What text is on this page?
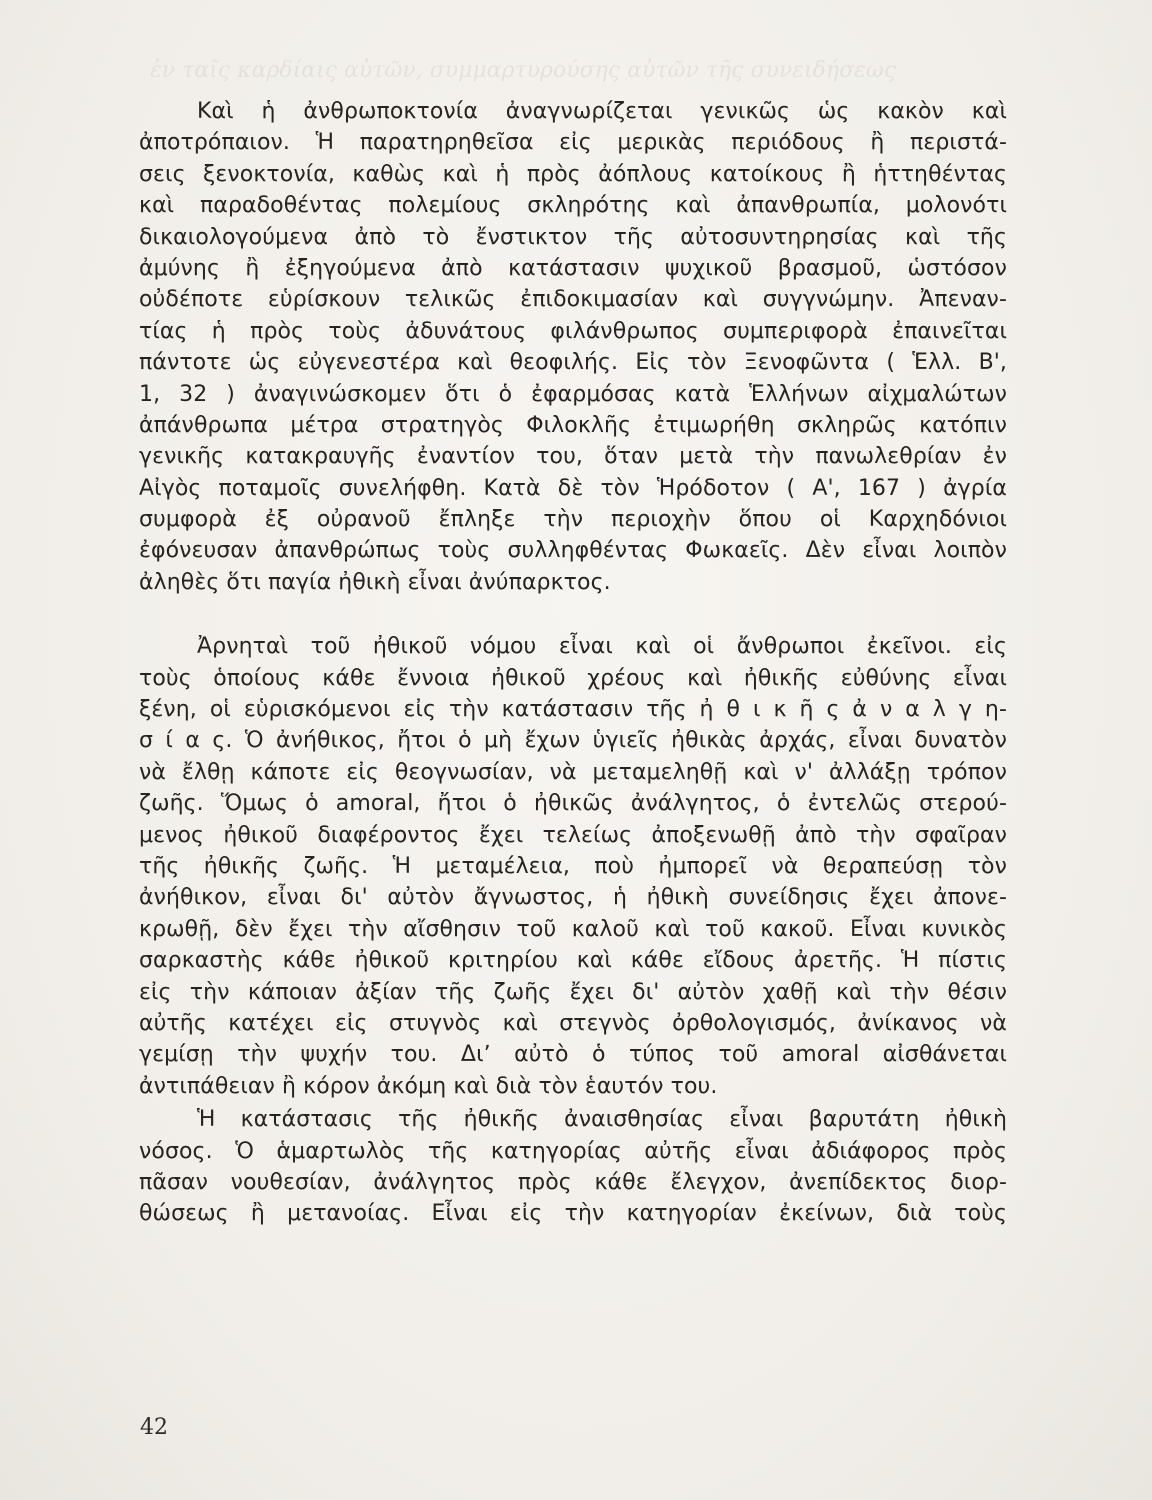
ἐν ταῖς καρδίαις αὐτῶν, συμμαρτυρούσης αὐτῶν τῆς συνειδήσεως
Καὶ ἡ ἀνθρωποκτονία ἀναγνωρίζεται γενικῶς ὡς κακὸν καὶ
ἀποτρόπαιον. Ἡ παρατηρηθεῖσα εἰς μερικὰς περιόδους ἢ περιστά-
σεις ξενοκτονία, καθὼς καὶ ἡ πρὸς ἀόπλους κατοίκους ἢ ἡττηθέντας
καὶ παραδοθέντας πολεμίους σκληρότης καὶ ἀπανθρωπία, μολονότι
δικαιολογούμενα ἀπὸ τὸ ἔνστικτον τῆς αὐτοσυντηρησίας καὶ τῆς
ἀμύνης ἢ ἐξηγούμενα ἀπὸ κατάστασιν ψυχικοῦ βρασμοῦ, ὡστόσον
οὐδέποτε εὑρίσκουν τελικῶς ἐπιδοκιμασίαν καὶ συγγνώμην. Ἀπεναν-
τίας ἡ πρὸς τοὺς ἀδυνάτους φιλάνθρωπος συμπεριφορὰ ἐπαινεῖται
πάντοτε ὡς εὐγενεστέρα καὶ θεοφιλής. Εἰς τὸν Ξενοφῶντα ( Ἑλλ. Β',
1, 32 ) ἀναγινώσκομεν ὅτι ὁ ἐφαρμόσας κατὰ Ἑλλήνων αἰχμαλώτων
ἀπάνθρωπα μέτρα στρατηγὸς Φιλοκλῆς ἐτιμωρήθη σκληρῶς κατόπιν
γενικῆς κατακραυγῆς ἐναντίον του, ὅταν μετὰ τὴν πανωλεθρίαν ἐν
Αἰγὸς ποταμοῖς συνελήφθη. Κατὰ δὲ τὸν Ἡρόδοτον ( Α', 167 ) ἀγρία
συμφορὰ ἐξ οὐρανοῦ ἔπληξε τὴν περιοχὴν ὅπου οἱ Καρχηδόνιοι
ἐφόνευσαν ἀπανθρώπως τοὺς συλληφθέντας Φωκαεῖς. Δὲν εἶναι λοιπὸν
ἀληθὲς ὅτι παγία ἠθικὴ εἶναι ἀνύπαρκτος.
Ἀρνηταὶ τοῦ ἠθικοῦ νόμου εἶναι καὶ οἱ ἄνθρωποι ἐκεῖνοι. εἰς
τοὺς ὁποίους κάθε ἔννοια ἠθικοῦ χρέους καὶ ἠθικῆς εὐθύνης εἶναι
ξένη, οἱ εὑρισκόμενοι εἰς τὴν κατάστασιν τῆς ἠ θ ι κ ῆ ς ἀ ν α λ γ η-
σ ί α ς. Ὁ ἀνήθικος, ἤτοι ὁ μὴ ἔχων ὑγιεῖς ἠθικὰς ἀρχάς, εἶναι δυνατὸν
νὰ ἔλθῃ κάποτε εἰς θεογνωσίαν, νὰ μεταμεληθῇ καὶ ν' ἀλλάξῃ τρόπον
ζωῆς. Ὅμως ὁ amoral, ἤτοι ὁ ἠθικῶς ἀνάλγητος, ὁ ἐντελῶς στερού-
μενος ἠθικοῦ διαφέροντος ἔχει τελείως ἀποξενωθῇ ἀπὸ τὴν σφαῖραν
τῆς ἠθικῆς ζωῆς. Ἡ μεταμέλεια, ποὺ ἠμπορεῖ νὰ θεραπεύσῃ τὸν
ἀνήθικον, εἶναι δι' αὐτὸν ἄγνωστος, ἡ ἠθικὴ συνείδησις ἔχει ἀπονε-
κρωθῇ, δὲν ἔχει τὴν αἴσθησιν τοῦ καλοῦ καὶ τοῦ κακοῦ. Εἶναι κυνικὸς
σαρκαστὴς κάθε ἠθικοῦ κριτηρίου καὶ κάθε εἴδους ἀρετῆς. Ἡ πίστις
εἰς τὴν κάποιαν ἀξίαν τῆς ζωῆς ἔχει δι' αὐτὸν χαθῇ καὶ τὴν θέσιν
αὐτῆς κατέχει εἰς στυγνὸς καὶ στεγνὸς ὀρθολογισμός, ἀνίκανος νὰ
γεμίσῃ τὴν ψυχήν του. Διʼ αὐτὸ ὁ τύπος τοῦ amoral αἰσθάνεται
ἀντιπάθειαν ἢ κόρον ἀκόμη καὶ διὰ τὸν ἑαυτόν του.
Ἡ κατάστασις τῆς ἠθικῆς ἀναισθησίας εἶναι βαρυτάτη ἠθικὴ
νόσος. Ὁ ἁμαρτωλὸς τῆς κατηγορίας αὐτῆς εἶναι ἀδιάφορος πρὸς
πᾶσαν νουθεσίαν, ἀνάλγητος πρὸς κάθε ἔλεγχον, ἀνεπίδεκτος διορ-
θώσεως ἢ μετανοίας. Εἶναι εἰς τὴν κατηγορίαν ἐκείνων, διὰ τοὺς
42
